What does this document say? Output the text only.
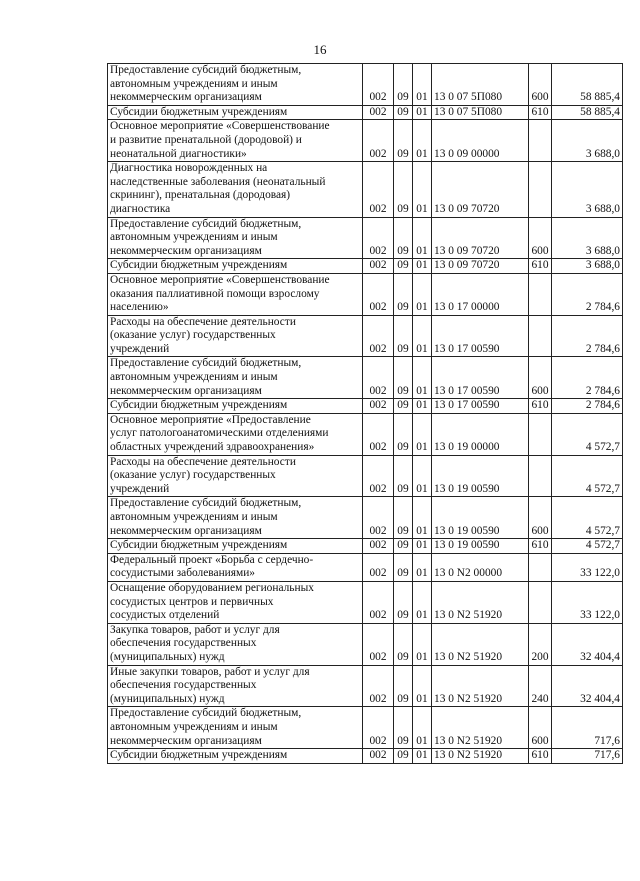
16
Предоставление субсидий бюджетным,
автономным учреждениям и иным
некоммерческим организациям	002	09	01	13 0 07 5П080	600	58 885,4

Субсидии бюджетным учреждениям	002	09	01	13 0 07 5П080	610	58 885,4

Основное мероприятие «Совершенствование
и развитие пренатальной (дородовой) и
неонатальной диагностики»	002	09	01	13 0 09 00000		3 688,0

Диагностика новорожденных на
наследственные заболевания (неонатальный
скрининг), пренатальная (дородовая)
диагностика	002	09	01	13 0 09 70720		3 688,0

Предоставление субсидий бюджетным,
автономным учреждениям и иным
некоммерческим организациям	002	09	01	13 0 09 70720	600	3 688,0

Субсидии бюджетным учреждениям	002	09	01	13 0 09 70720	610	3 688,0

Основное мероприятие «Совершенствование
оказания паллиативной помощи взрослому
населению»	002	09	01	13 0 17 00000		2 784,6

Расходы на обеспечение деятельности
(оказание услуг) государственных
учреждений	002	09	01	13 0 17 00590		2 784,6

Предоставление субсидий бюджетным,
автономным учреждениям и иным
некоммерческим организациям	002	09	01	13 0 17 00590	600	2 784,6

Субсидии бюджетным учреждениям	002	09	01	13 0 17 00590	610	2 784,6

Основное мероприятие «Предоставление
услуг патологоанатомическими отделениями
областных учреждений здравоохранения»	002	09	01	13 0 19 00000		4 572,7

Расходы на обеспечение деятельности
(оказание услуг) государственных
учреждений	002	09	01	13 0 19 00590		4 572,7

Предоставление субсидий бюджетным,
автономным учреждениям и иным
некоммерческим организациям	002	09	01	13 0 19 00590	600	4 572,7

Субсидии бюджетным учреждениям	002	09	01	13 0 19 00590	610	4 572,7

Федеральный проект «Борьба с сердечно-
сосудистыми заболеваниями»	002	09	01	13 0 N2 00000		33 122,0

Оснащение оборудованием региональных
сосудистых центров и первичных
сосудистых отделений	002	09	01	13 0 N2 51920		33 122,0

Закупка товаров, работ и услуг для
обеспечения государственных
(муниципальных) нужд	002	09	01	13 0 N2 51920	200	32 404,4

Иные закупки товаров, работ и услуг для
обеспечения государственных
(муниципальных) нужд	002	09	01	13 0 N2 51920	240	32 404,4

Предоставление субсидий бюджетным,
автономным учреждениям и иным
некоммерческим организациям	002	09	01	13 0 N2 51920	600	717,6

Субсидии бюджетным учреждениям	002	09	01	13 0 N2 51920	610	717,6
